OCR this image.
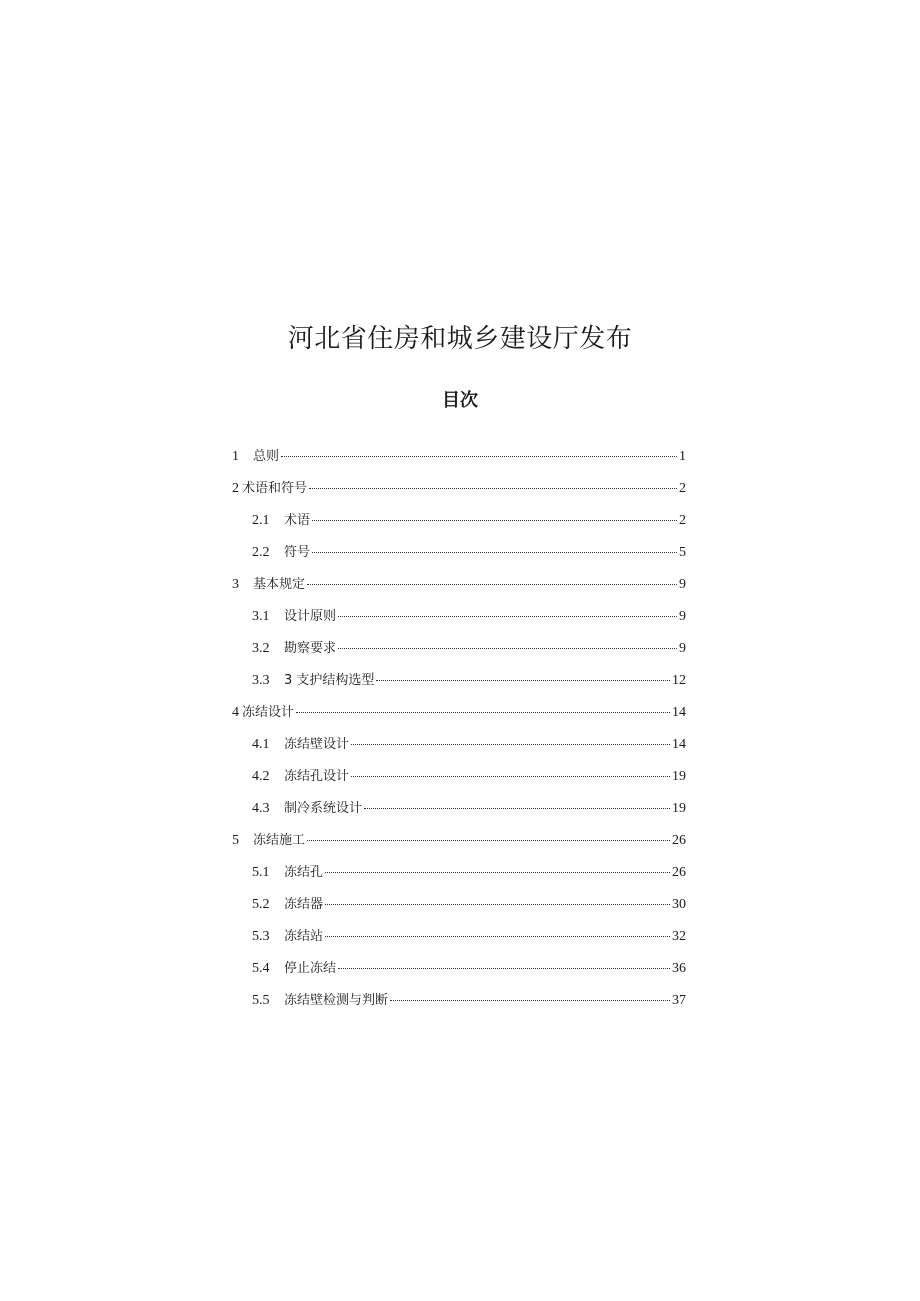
河北省住房和城乡建设厅发布
目次
1 总则	1
2 术语和符号	2
2.1	术语	2
2.2	符号	5
3 基本规定	9
3.1	设计原则	9
3.2	勘察要求	9
3.3	3 支护结构选型	12
4 冻结设计	14
4.1	冻结壁设计	14
4.2	冻结孔设计	19
4.3	制冷系统设计	19
5 冻结施工	26
5.1	冻结孔	26
5.2	冻结器	30
5.3	冻结站	32
5.4	停止冻结	36
5.5	冻结壁检测与判断	37
